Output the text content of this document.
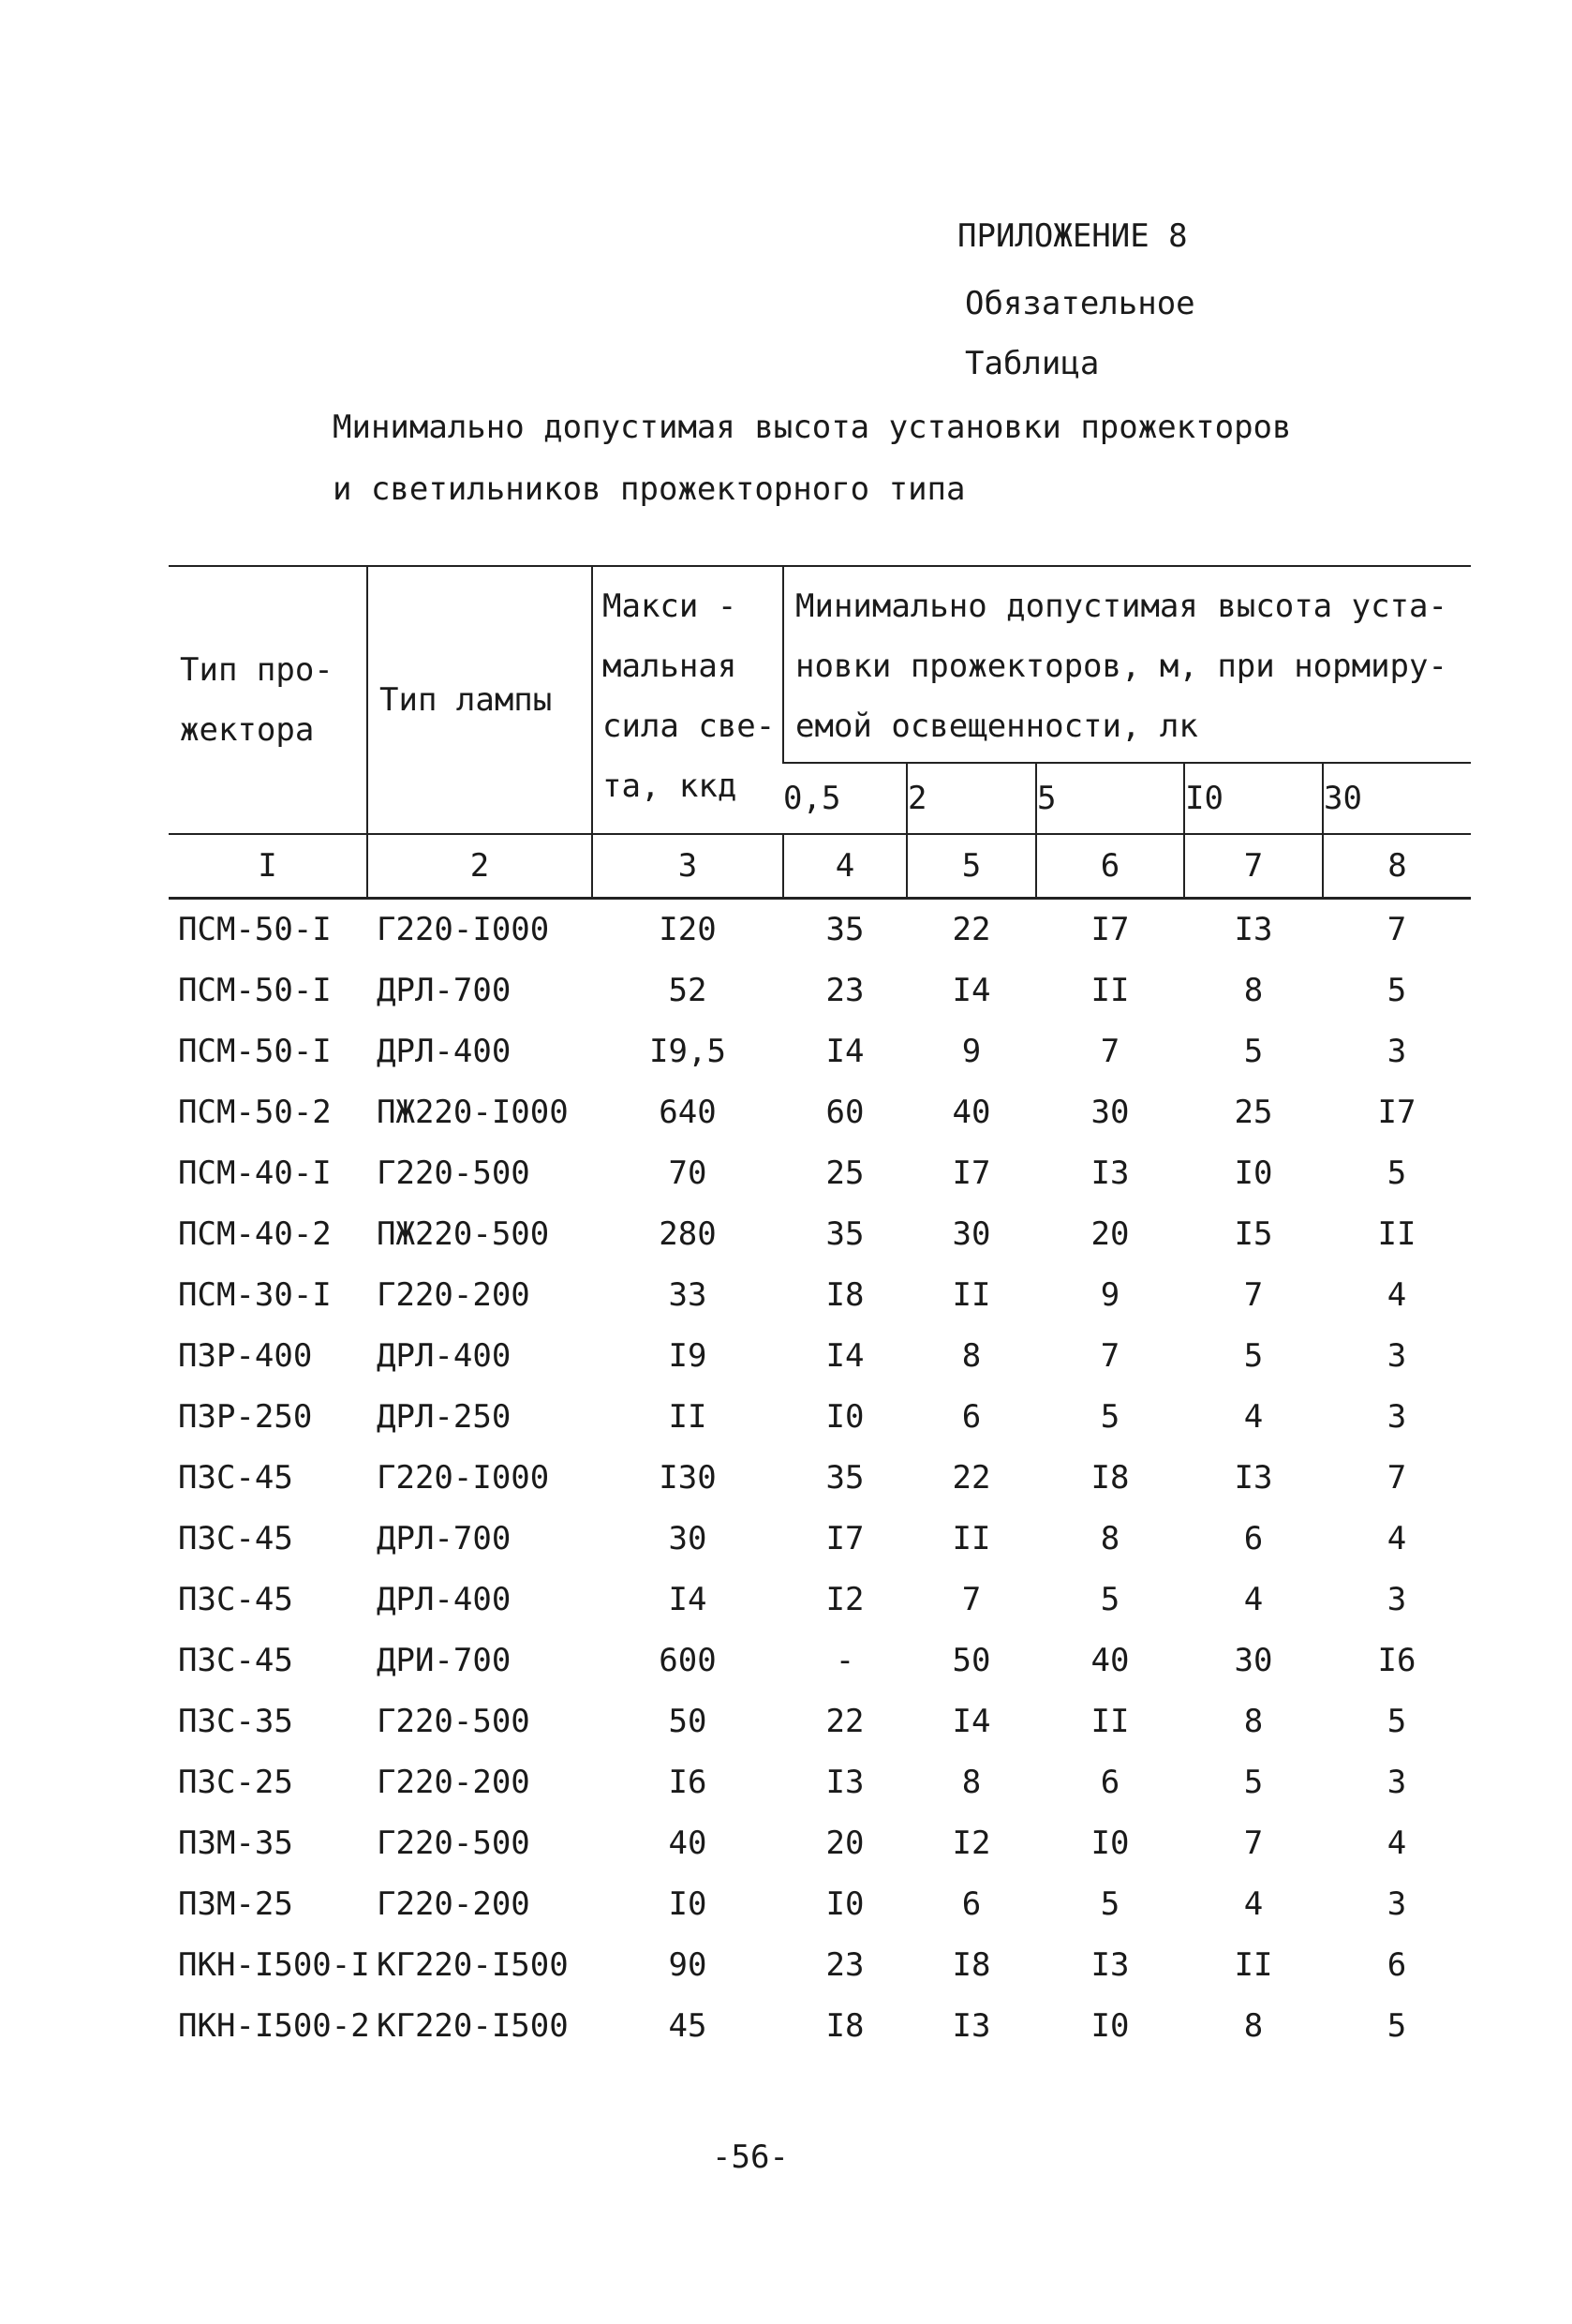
ПРИЛОЖЕНИЕ 8
Обязательное
Таблица
Минимально допустимая высота установки прожекторов
и светильников прожекторного типа
Тип про-жектора	Тип лампы	Макси - мальная сила све- та, ккд	Минимально допустимая высота уста- новки прожекторов, м, при нормиру- емой освещенности, лк				
			0,5	2	5	I0	30
I	2	3	4	5	6	7	8
ПСМ-50-I	Г220-I000	I20	35	22	I7	I3	7
ПСМ-50-I	ДРЛ-700	52	23	I4	II	8	5
ПСМ-50-I	ДРЛ-400	I9,5	I4	9	7	5	3
ПСМ-50-2	ПЖ220-I000	640	60	40	30	25	I7
ПСМ-40-I	Г220-500	70	25	I7	I3	I0	5
ПСМ-40-2	ПЖ220-500	280	35	30	20	I5	II
ПСМ-30-I	Г220-200	33	I8	II	9	7	4
ПЗР-400	ДРЛ-400	I9	I4	8	7	5	3
ПЗР-250	ДРЛ-250	II	I0	6	5	4	3
ПЗС-45	Г220-I000	I30	35	22	I8	I3	7
ПЗС-45	ДРЛ-700	30	I7	II	8	6	4
ПЗС-45	ДРЛ-400	I4	I2	7	5	4	3
ПЗС-45	ДРИ-700	600	-	50	40	30	I6
ПЗС-35	Г220-500	50	22	I4	II	8	5
ПЗС-25	Г220-200	I6	I3	8	6	5	3
ПЗМ-35	Г220-500	40	20	I2	I0	7	4
ПЗМ-25	Г220-200	I0	I0	6	5	4	3
ПКН-I500-I	КГ220-I500	90	23	I8	I3	II	6
ПКН-I500-2	КГ220-I500	45	I8	I3	I0	8	5
-56-
